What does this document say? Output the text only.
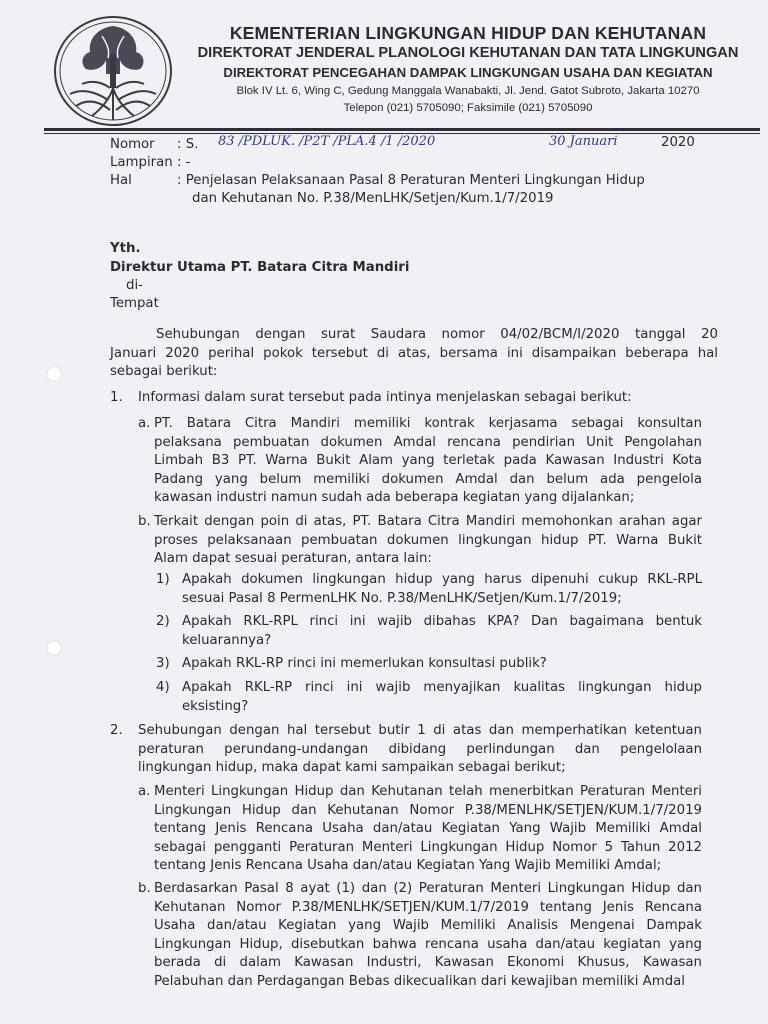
KEMENTERIAN LINGKUNGAN HIDUP DAN KEHUTANAN
DIREKTORAT JENDERAL PLANOLOGI KEHUTANAN DAN TATA LINGKUNGAN
DIREKTORAT PENCEGAHAN DAMPAK LINGKUNGAN USAHA DAN KEGIATAN
Blok IV Lt. 6, Wing C, Gedung Manggala Wanabakti, Jl. Jend. Gatot Subroto, Jakarta 10270
Telepon (021) 5705090; Faksimile (021) 5705090
Nomor : S. 83 /PDLUK. /P2T /PLA.4 /1 /2020	30 Januari	2020
Lampiran : -
Hal	: Penjelasan Pelaksanaan Pasal 8 Peraturan Menteri Lingkungan Hidup
dan Kehutanan No. P.38/MenLHK/Setjen/Kum.1/7/2019
Yth.
Direktur Utama PT. Batara Citra Mandiri
di-
Tempat
Sehubungan dengan surat Saudara nomor 04/02/BCM/I/2020 tanggal 20
Januari 2020 perihal pokok tersebut di atas, bersama ini disampaikan beberapa hal
sebagai berikut:
1. Informasi dalam surat tersebut pada intinya menjelaskan sebagai berikut:
a. PT. Batara Citra Mandiri memiliki kontrak kerjasama sebagai konsultan
pelaksana pembuatan dokumen Amdal rencana pendirian Unit Pengolahan
Limbah B3 PT. Warna Bukit Alam yang terletak pada Kawasan Industri Kota
Padang yang belum memiliki dokumen Amdal dan belum ada pengelola
kawasan industri namun sudah ada beberapa kegiatan yang dijalankan;
b. Terkait dengan poin di atas, PT. Batara Citra Mandiri memohonkan arahan agar
proses pelaksanaan pembuatan dokumen lingkungan hidup PT. Warna Bukit
Alam dapat sesuai peraturan, antara lain:
1) Apakah dokumen lingkungan hidup yang harus dipenuhi cukup RKL-RPL
sesuai Pasal 8 PermenLHK No. P.38/MenLHK/Setjen/Kum.1/7/2019;
2) Apakah RKL-RPL rinci ini wajib dibahas KPA? Dan bagaimana bentuk
keluarannya?
3) Apakah RKL-RP rinci ini memerlukan konsultasi publik?
4) Apakah RKL-RP rinci ini wajib menyajikan kualitas lingkungan hidup
eksisting?
2. Sehubungan dengan hal tersebut butir 1 di atas dan memperhatikan ketentuan
peraturan perundang-undangan dibidang perlindungan dan pengelolaan
lingkungan hidup, maka dapat kami sampaikan sebagai berikut;
a. Menteri Lingkungan Hidup dan Kehutanan telah menerbitkan Peraturan Menteri
Lingkungan Hidup dan Kehutanan Nomor P.38/MENLHK/SETJEN/KUM.1/7/2019
tentang Jenis Rencana Usaha dan/atau Kegiatan Yang Wajib Memiliki Amdal
sebagai pengganti Peraturan Menteri Lingkungan Hidup Nomor 5 Tahun 2012
tentang Jenis Rencana Usaha dan/atau Kegiatan Yang Wajib Memiliki Amdal;
b. Berdasarkan Pasal 8 ayat (1) dan (2) Peraturan Menteri Lingkungan Hidup dan
Kehutanan Nomor P.38/MENLHK/SETJEN/KUM.1/7/2019 tentang Jenis Rencana
Usaha dan/atau Kegiatan yang Wajib Memiliki Analisis Mengenai Dampak
Lingkungan Hidup, disebutkan bahwa rencana usaha dan/atau kegiatan yang
berada di dalam Kawasan Industri, Kawasan Ekonomi Khusus, Kawasan
Pelabuhan dan Perdagangan Bebas dikecualikan dari kewajiban memiliki Amdal
